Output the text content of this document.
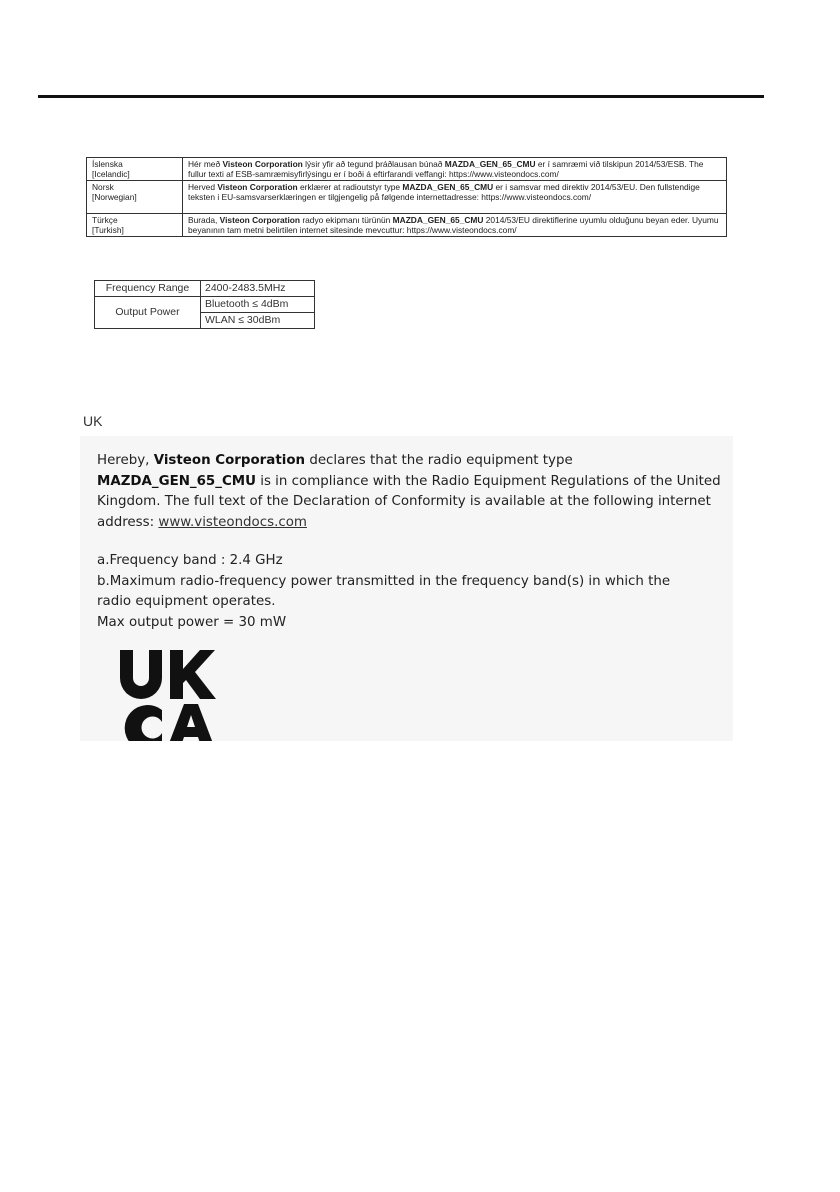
Íslenska
[Icelandic]	Hér með Visteon Corporation lýsir yfir að tegund þráðlausan búnað MAZDA_GEN_65_CMU er í samræmi við tilskipun 2014/53/ESB. The fullur texti af ESB-samræmisyfirlýsingu er í boði á eftirfarandi veffangi: https://www.visteondocs.com/
Norsk
[Norwegian]	Herved Visteon Corporation erklærer at radioutstyr type MAZDA_GEN_65_CMU er i samsvar med direktiv 2014/53/EU. Den fullstendige teksten i EU-samsvarserklæringen er tilgjengelig på følgende internettadresse: https://www.visteondocs.com/
Türkçe
[Turkish]	Burada, Visteon Corporation radyo ekipmanı türünün MAZDA_GEN_65_CMU 2014/53/EU direktiflerine uyumlu olduğunu beyan eder. Uyumu beyanının tam metni belirtilen internet sitesinde mevcuttur: https://www.visteondocs.com/
Frequency Range	2400-2483.5MHz
Output Power	Bluetooth ≤ 4dBm
	WLAN ≤ 30dBm
UK

Hereby, Visteon Corporation declares that the radio equipment type MAZDA_GEN_65_CMU is in compliance with the Radio Equipment Regulations of the United Kingdom. The full text of the Declaration of Conformity is available at the following internet address: www.visteondocs.com

a.Frequency band : 2.4 GHz
b.Maximum radio-frequency power transmitted in the frequency band(s) in which the
radio equipment operates.
Max output power = 30 mW
